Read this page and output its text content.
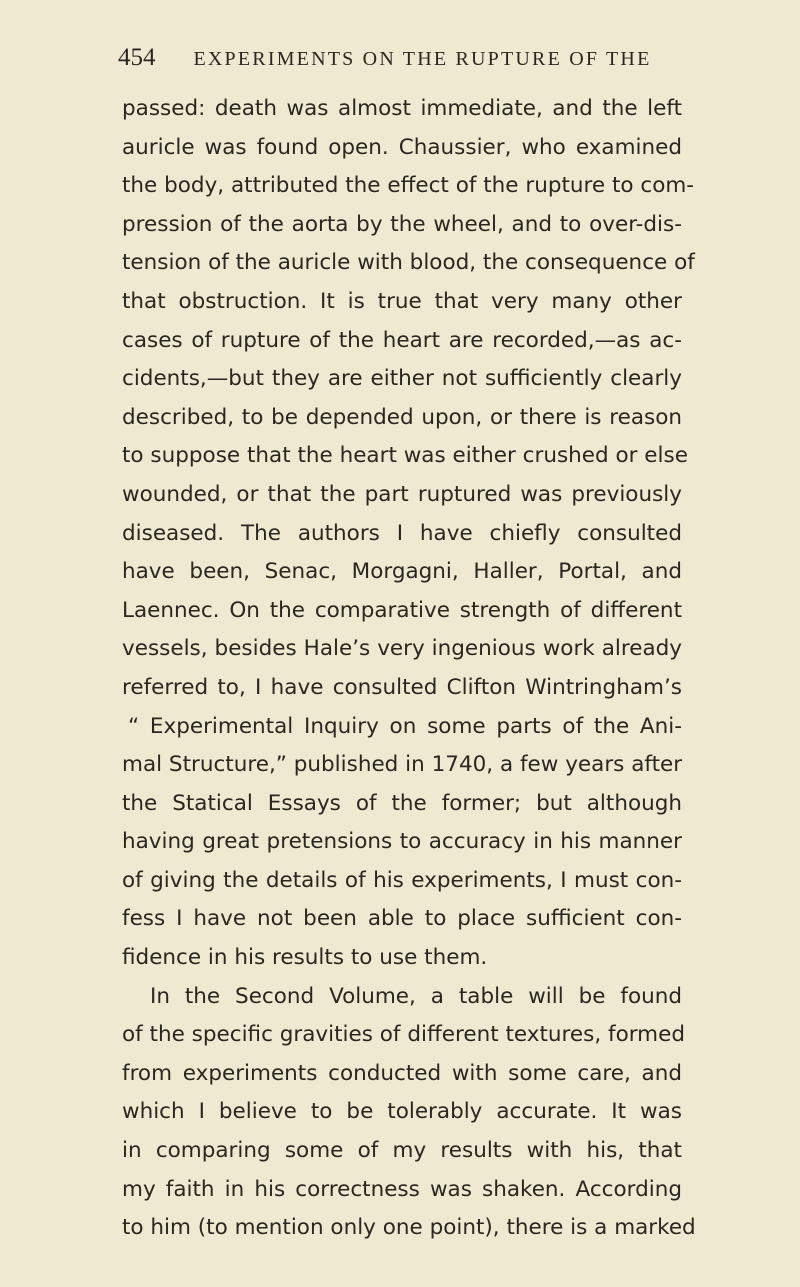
454 EXPERIMENTS ON THE RUPTURE OF THE
passed: death was almost immediate, and the left
auricle was found open. Chaussier, who examined
the body, attributed the effect of the rupture to com-
pression of the aorta by the wheel, and to over-dis-
tension of the auricle with blood, the consequence of
that obstruction. It is true that very many other
cases of rupture of the heart are recorded,—as ac-
cidents,—but they are either not sufficiently clearly
described, to be depended upon, or there is reason
to suppose that the heart was either crushed or else
wounded, or that the part ruptured was previously
diseased. The authors I have chiefly consulted
have been, Senac, Morgagni, Haller, Portal, and
Laennec. On the comparative strength of different
vessels, besides Hale’s very ingenious work already
referred to, I have consulted Clifton Wintringham’s
“ Experimental Inquiry on some parts of the Ani-
mal Structure,” published in 1740, a few years after
the Statical Essays of the former; but although
having great pretensions to accuracy in his manner
of giving the details of his experiments, I must con-
fess I have not been able to place sufficient con-
fidence in his results to use them.
In the Second Volume, a table will be found
of the specific gravities of different textures, formed
from experiments conducted with some care, and
which I believe to be tolerably accurate. It was
in comparing some of my results with his, that
my faith in his correctness was shaken. According
to him (to mention only one point), there is a marked
